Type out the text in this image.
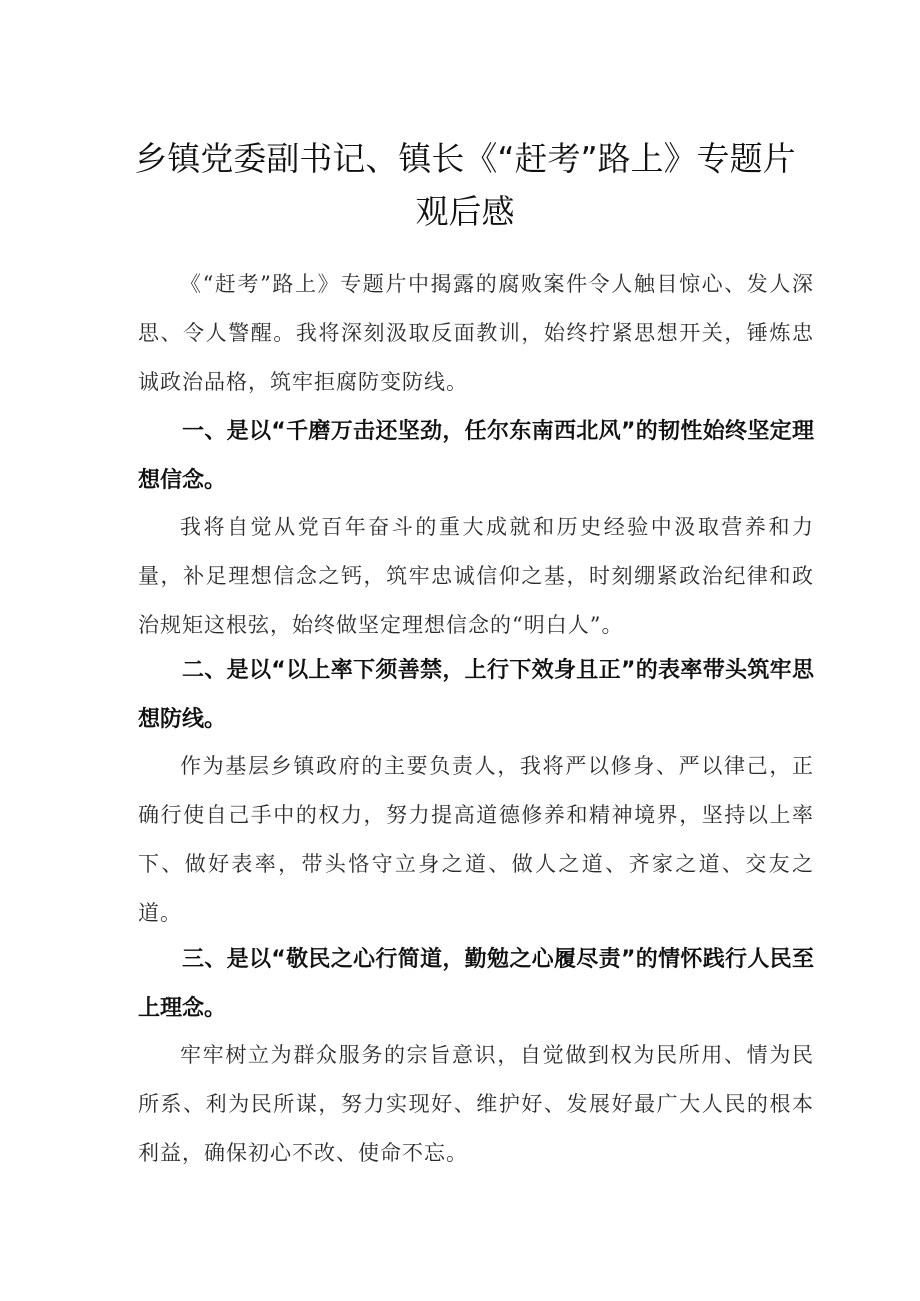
乡镇党委副书记、镇长《“赶考”路上》专题片观后感

《“赶考”路上》专题片中揭露的腐败案件令人触目惊心、发人深思、令人警醒。我将深刻汲取反面教训，始终拧紧思想开关，锤炼忠诚政治品格，筑牢拒腐防变防线。

一、是以“千磨万击还坚劲，任尔东南西北风”的韧性始终坚定理想信念。

我将自觉从党百年奋斗的重大成就和历史经验中汲取营养和力量，补足理想信念之钙，筑牢忠诚信仰之基，时刻绷紧政治纪律和政治规矩这根弦，始终做坚定理想信念的“明白人”。

二、是以“以上率下须善禁，上行下效身且正”的表率带头筑牢思想防线。

作为基层乡镇政府的主要负责人，我将严以修身、严以律己，正确行使自己手中的权力，努力提高道德修养和精神境界，坚持以上率下、做好表率，带头恪守立身之道、做人之道、齐家之道、交友之道。

三、是以“敬民之心行简道，勤勉之心履尽责”的情怀践行人民至上理念。

牢牢树立为群众服务的宗旨意识，自觉做到权为民所用、情为民所系、利为民所谋，努力实现好、维护好、发展好最广大人民的根本利益，确保初心不改、使命不忘。
